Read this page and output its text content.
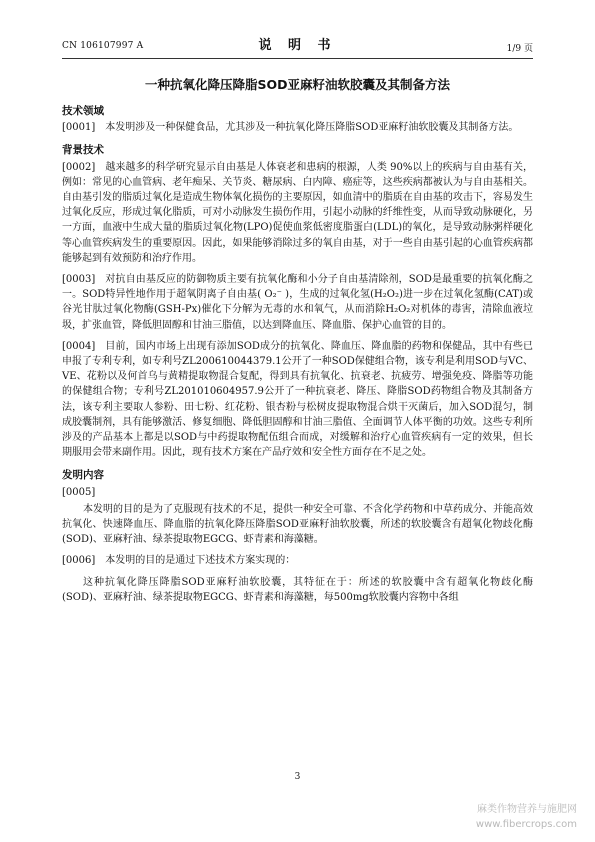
CN 106107997 A	说 明 书	1/9 页
一种抗氧化降压降脂SOD亚麻籽油软胶囊及其制备方法
技术领域
[0001] 本发明涉及一种保健食品，尤其涉及一种抗氧化降压降脂SOD亚麻籽油软胶囊及其制备方法。
背景技术
[0002] 越来越多的科学研究显示自由基是人体衰老和患病的根源，人类 90%以上的疾病与自由基有关，例如：常见的心血管病、老年痴呆、关节炎、糖尿病、白内障、癌症等，这些疾病都被认为与自由基相关。自由基引发的脂质过氧化是造成生物体氧化损伤的主要原因，如血清中的脂质在自由基的攻击下，容易发生过氧化反应，形成过氧化脂质，可对小动脉发生损伤作用，引起小动脉的纤维性变，从而导致动脉硬化，另一方面，血液中生成大量的脂质过氧化物(LPO)促使血浆低密度脂蛋白(LDL)的氧化，是导致动脉粥样硬化等心血管疾病发生的重要原因。因此，如果能够消除过多的氧自由基，对于一些自由基引起的心血管疾病都能够起到有效预防和治疗作用。
[0003] 对抗自由基反应的防御物质主要有抗氧化酶和小分子自由基清除剂，SOD是最重要的抗氧化酶之一。SOD特异性地作用于超氧阴离子自由基( O₂⁻ )，生成的过氧化氢(H₂O₂)进一步在过氧化氢酶(CAT)或谷光甘肽过氧化物酶(GSH-Px)催化下分解为无毒的水和氧气，从而消除H₂O₂对机体的毒害，清除血液垃圾，扩张血管，降低胆固醇和甘油三脂值，以达到降血压、降血脂、保护心血管的目的。
[0004] 目前，国内市场上出现有添加SOD成分的抗氧化、降血压、降血脂的药物和保健品，其中有些已申报了专利专利，如专利号ZL200610044379.1公开了一种SOD保健组合物，该专利是利用SOD与VC、VE、花粉以及何首乌与黄精提取物混合复配，得到具有抗氧化、抗衰老、抗疲劳、增强免疫、降脂等功能的保健组合物；专利号ZL201010604957.9公开了一种抗衰老、降压、降脂SOD药物组合物及其制备方法，该专利主要取人参粉、田七粉、红花粉、银杏粉与松树皮提取物混合烘干灭菌后，加入SOD混匀，制成胶囊制剂，具有能够激活、修复细胞、降低胆固醇和甘油三脂值、全面调节人体平衡的功效。这些专利所涉及的产品基本上都是以SOD与中药提取物配伍组合而成，对缓解和治疗心血管疾病有一定的效果，但长期服用会带来副作用。因此，现有技术方案在产品疗效和安全性方面存在不足之处。
发明内容
[0005]
本发明的目的是为了克服现有技术的不足，提供一种安全可靠、不含化学药物和中草药成分、并能高效抗氧化、快速降血压、降血脂的抗氧化降压降脂SOD亚麻籽油软胶囊，所述的软胶囊含有超氧化物歧化酶(SOD)、亚麻籽油、绿茶提取物EGCG、虾青素和海藻糖。
[0006] 本发明的目的是通过下述技术方案实现的：
这种抗氧化降压降脂SOD亚麻籽油软胶囊，其特征在于：所述的软胶囊中含有超氧化物歧化酶(SOD)、亚麻籽油、绿茶提取物EGCG、虾青素和海藻糖，每500mg软胶囊内容物中各组
3
麻类作物营养与施肥网
www.fibercrops.com
